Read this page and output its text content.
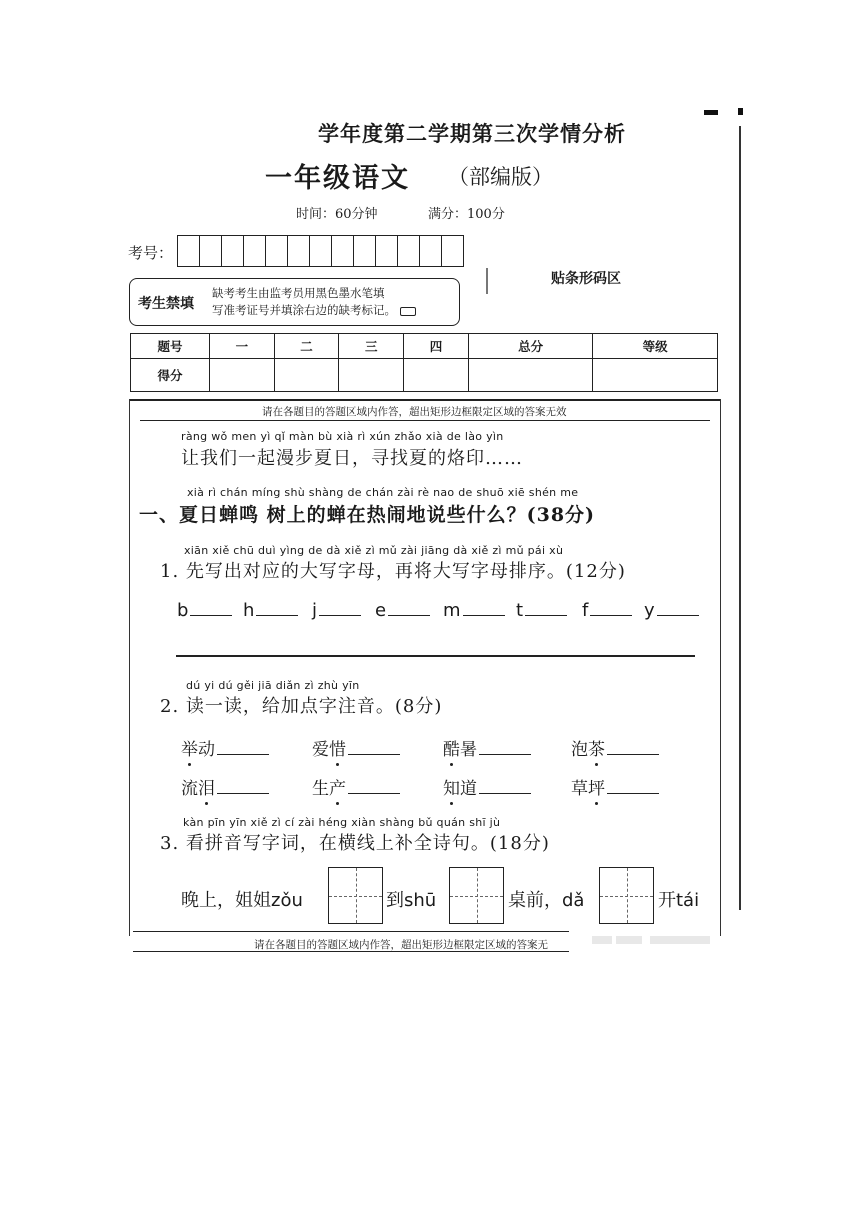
学年度第二学期第三次学情分析
一年级语文 （部编版）
时间：60分钟	满分：100分
考号：
考生禁填
缺考考生由监考员用黑色墨水笔填
写准考证号并填涂右边的缺考标记。
贴条形码区
题号	一	二	三	四	总分	等级
得分						
请在各题目的答题区域内作答，超出矩形边框限定区域的答案无效
ràng wǒ men yì qǐ màn bù xià rì xún zhǎo xià de lào yìn
让我们一起漫步夏日，寻找夏的烙印……
xià rì chán míng shù shàng de chán zài rè nao de shuō xiē shén me
一、夏日蝉鸣 树上的蝉在热闹地说些什么？(38分)
xiān xiě chū duì yìng de dà xiě zì mǔ zài jiāng dà xiě zì mǔ pái xù
1. 先写出对应的大写字母，再将大写字母排序。(12分)
b	h	j	e	m	t	f	y
dú yi dú gěi jiā diǎn zì zhù yīn
2. 读一读，给加点字注音。(8分)
举动	爱惜	酷暑	泡茶
流泪	生产	知道	草坪
kàn pīn yīn xiě zì cí zài héng xiàn shàng bǔ quán shī jù
3. 看拼音写字词，在横线上补全诗句。(18分)
晚上，姐姐zǒu	到shū	桌前，dǎ	开tái
请在各题目的答题区域内作答，超出矩形边框限定区域的答案无
